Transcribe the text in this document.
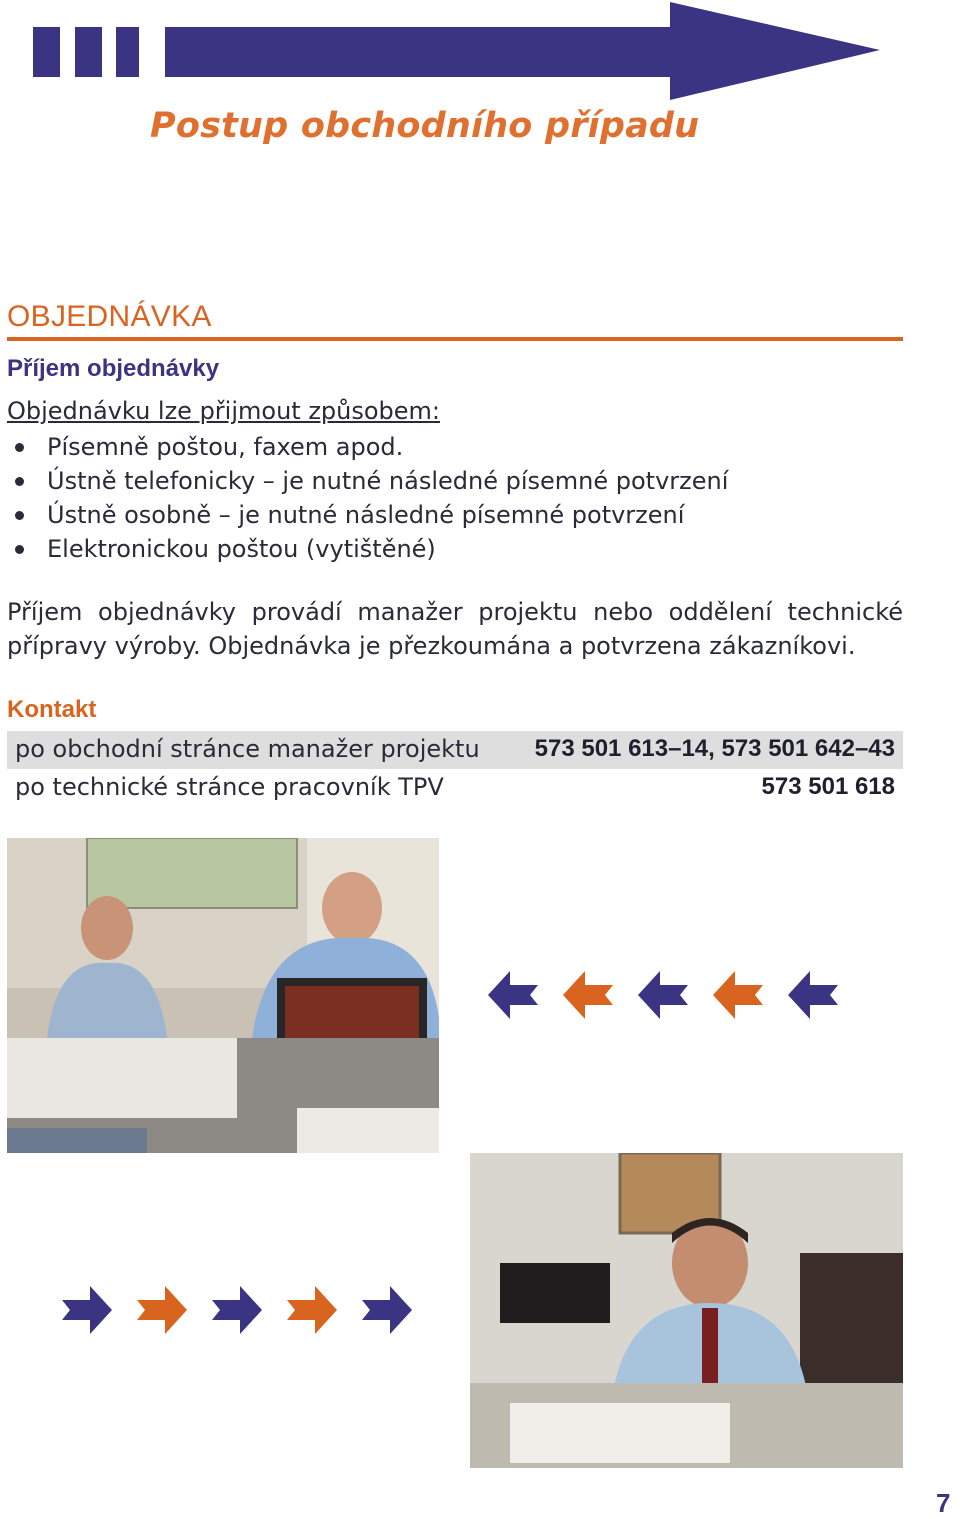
Postup obchodního případu
OBJEDNÁVKA
Příjem objednávky
Objednávku lze přijmout způsobem:
Písemně poštou, faxem apod.
Ústně telefonicky – je nutné následné písemné potvrzení
Ústně osobně – je nutné následné písemné potvrzení
Elektronickou poštou (vytištěné)
Příjem objednávky provádí manažer projektu nebo oddělení technické přípravy výroby. Objednávka je přezkoumána a potvrzena zákazníkovi.
Kontakt
po obchodní stránce manažer projektu 573 501 613–14, 573 501 642–43
po technické stránce pracovník TPV	573 501 618
7
